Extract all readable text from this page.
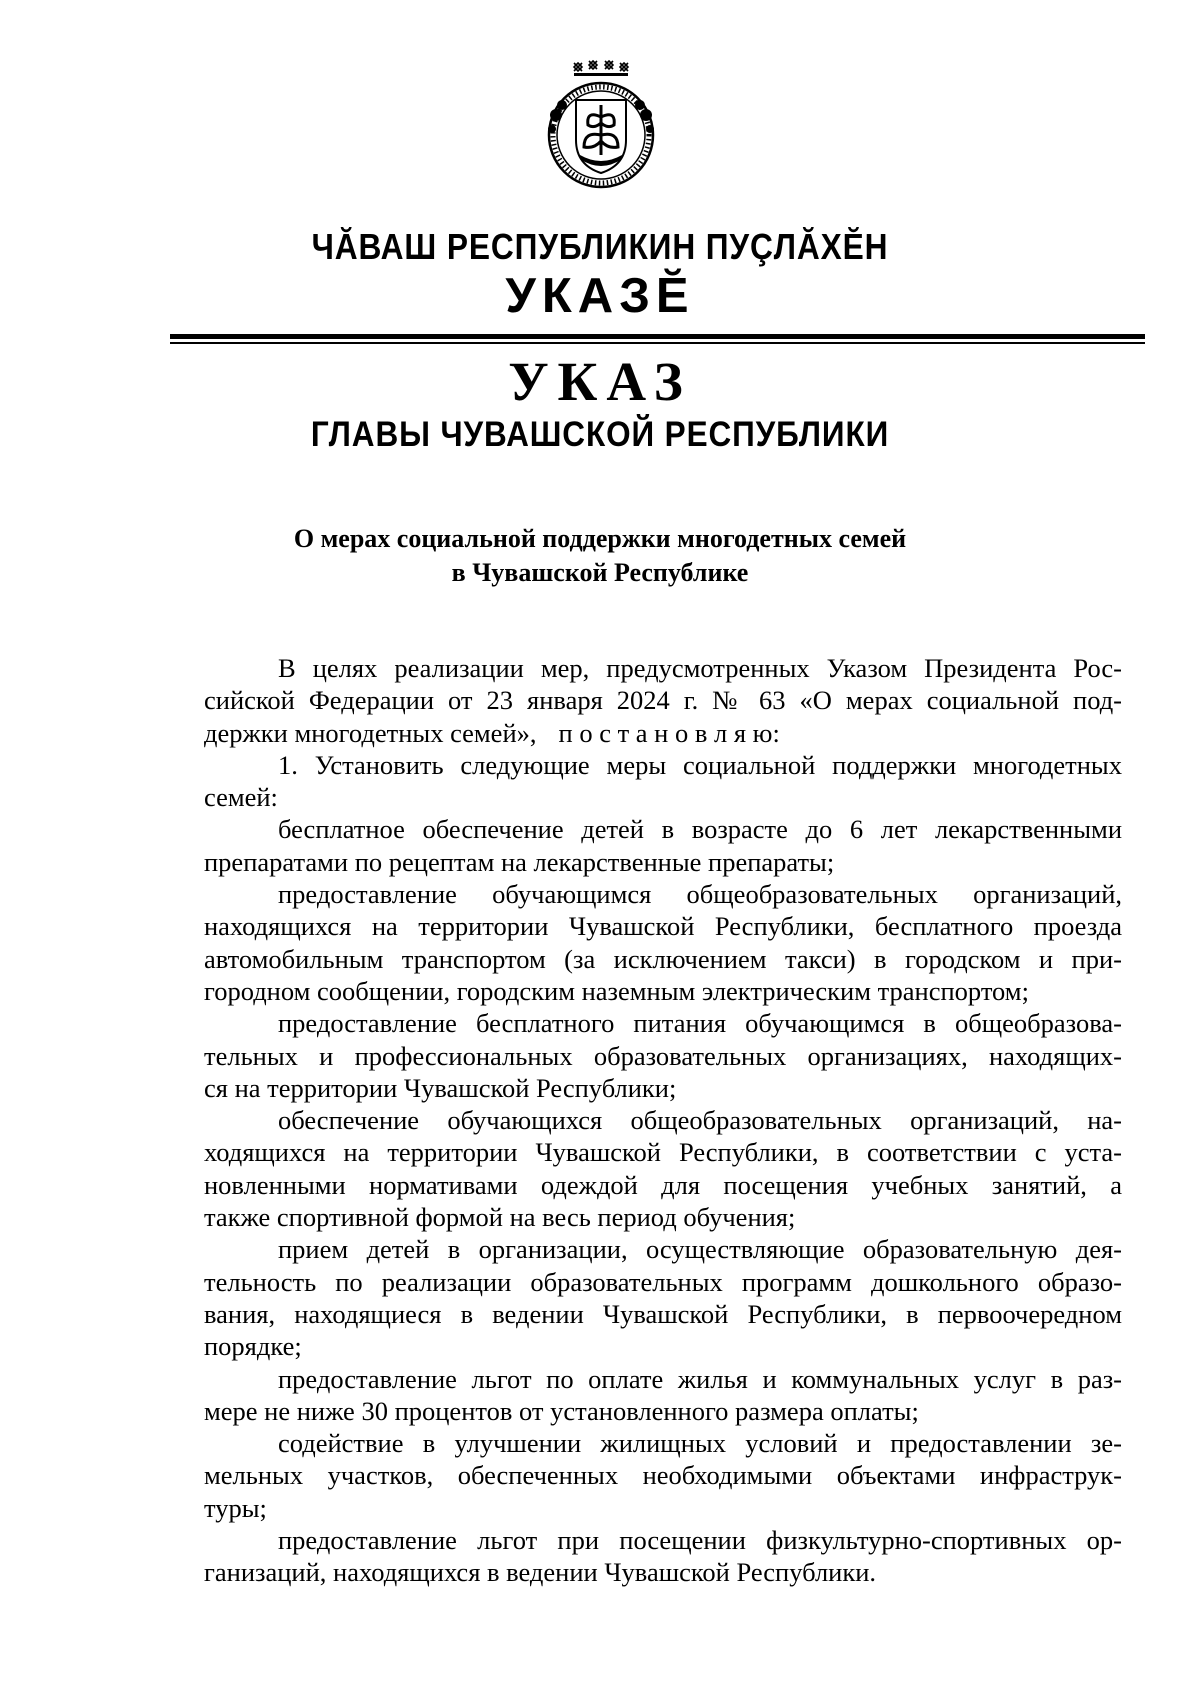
ЧĂВАШ РЕСПУБЛИКИН ПУÇЛĂХĔН
УКАЗĔ
УКАЗ
ГЛАВЫ ЧУВАШСКОЙ РЕСПУБЛИКИ
О мерах социальной поддержки многодетных семей
в Чувашской Республике
В целях реализации мер, предусмотренных Указом Президента Рос-
сийской Федерации от 23 января 2024 г. № 63 «О мерах социальной под-
держки многодетных семей», п о с т а н о в л я ю:
1. Установить следующие меры социальной поддержки многодетных
семей:
бесплатное обеспечение детей в возрасте до 6 лет лекарственными
препаратами по рецептам на лекарственные препараты;
предоставление обучающимся общеобразовательных организаций,
находящихся на территории Чувашской Республики, бесплатного проезда
автомобильным транспортом (за исключением такси) в городском и при-
городном сообщении, городским наземным электрическим транспортом;
предоставление бесплатного питания обучающимся в общеобразова-
тельных и профессиональных образовательных организациях, находящих-
ся на территории Чувашской Республики;
обеспечение обучающихся общеобразовательных организаций, на-
ходящихся на территории Чувашской Республики, в соответствии с уста-
новленными нормативами одеждой для посещения учебных занятий, а
также спортивной формой на весь период обучения;
прием детей в организации, осуществляющие образовательную дея-
тельность по реализации образовательных программ дошкольного образо-
вания, находящиеся в ведении Чувашской Республики, в первоочередном
порядке;
предоставление льгот по оплате жилья и коммунальных услуг в раз-
мере не ниже 30 процентов от установленного размера оплаты;
содействие в улучшении жилищных условий и предоставлении зе-
мельных участков, обеспеченных необходимыми объектами инфраструк-
туры;
предоставление льгот при посещении физкультурно-спортивных ор-
ганизаций, находящихся в ведении Чувашской Республики.
